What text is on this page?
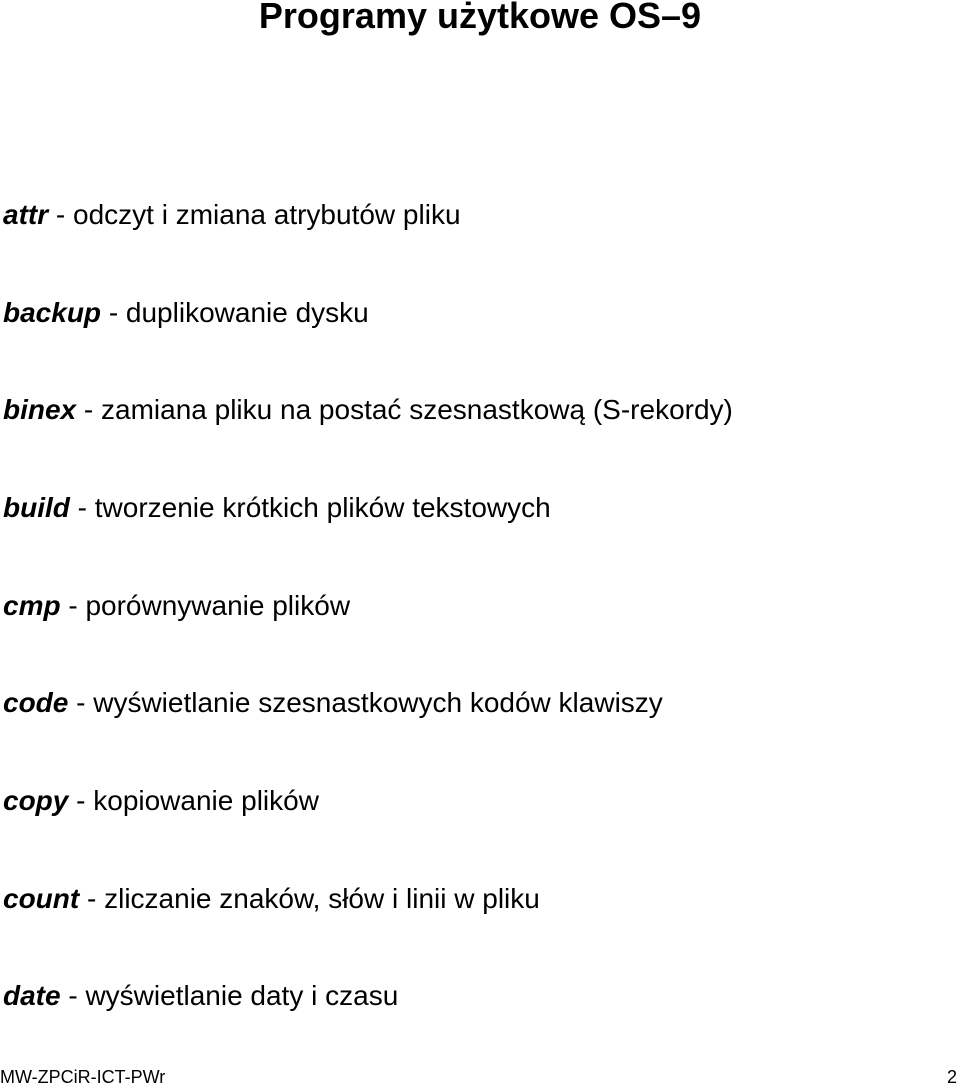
Programy użytkowe OS–9
attr - odczyt i zmiana atrybutów pliku
backup - duplikowanie dysku
binex - zamiana pliku na postać szesnastkową (S-rekordy)
build - tworzenie krótkich plików tekstowych
cmp - porównywanie plików
code - wyświetlanie szesnastkowych kodów klawiszy
copy - kopiowanie plików
count - zliczanie znaków, słów i linii w pliku
date - wyświetlanie daty i czasu
MW-ZPCiR-ICT-PWr	2
